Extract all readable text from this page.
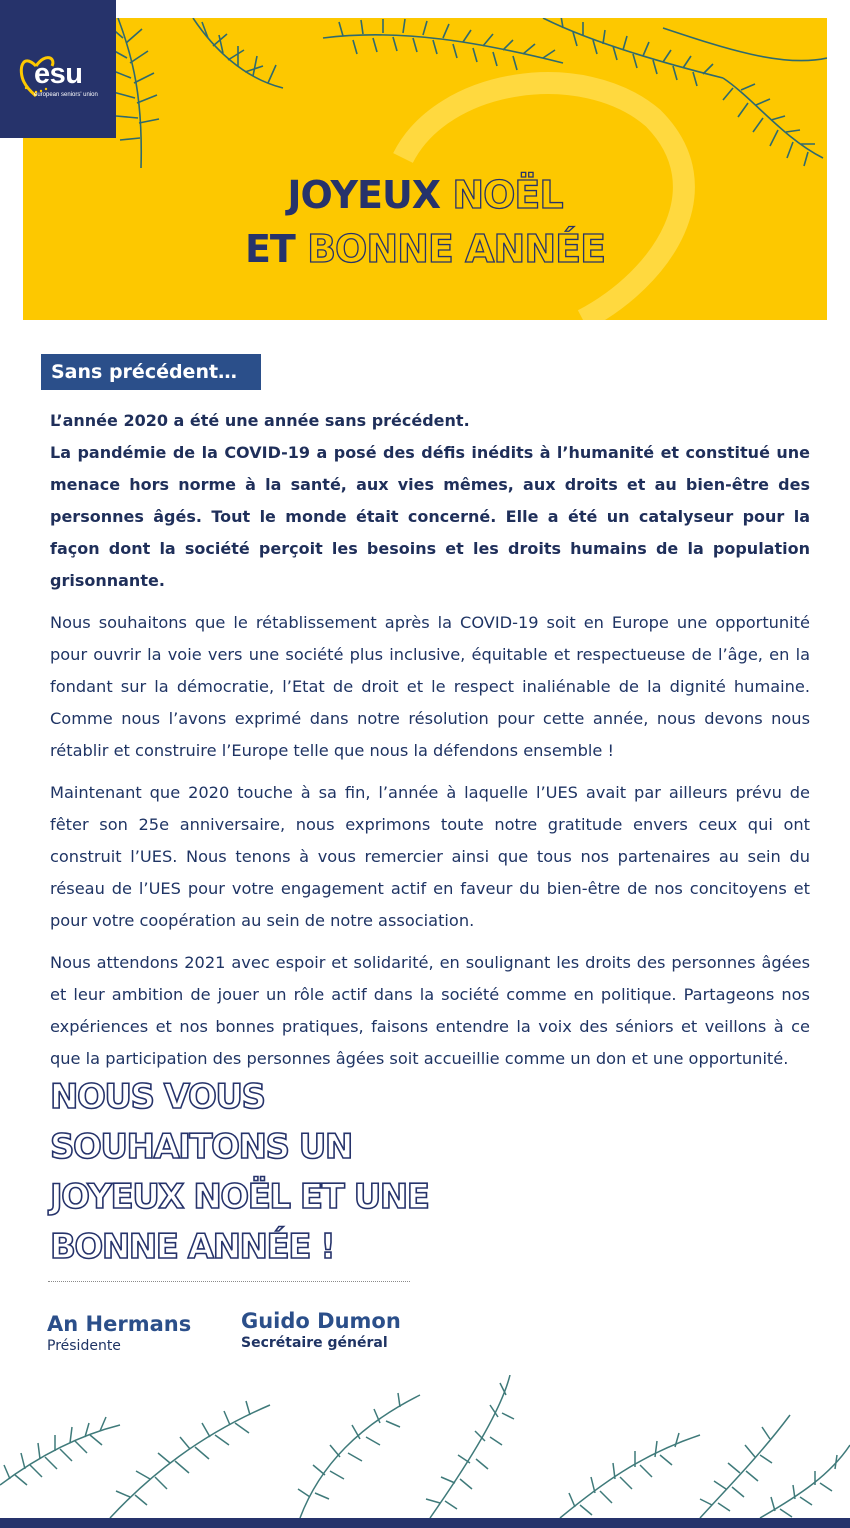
JOYEUX NOËL
ET BONNE ANNÉE
esu
european seniors' union
Sans précédent…

L’année 2020 a été une année sans précédent.
La pandémie de la COVID-19 a posé des défis inédits à l’humanité et constitué une menace hors norme à la santé, aux vies mêmes, aux droits et au bien-être des personnes âgés. Tout le monde était concerné. Elle a été un catalyseur pour la façon dont la société perçoit les besoins et les droits humains de la population grisonnante.

Nous souhaitons que le rétablissement après la COVID-19 soit en Europe une opportunité pour ouvrir la voie vers une société plus inclusive, équitable et respectueuse de l’âge, en la fondant sur la démocratie, l’Etat de droit et le respect inaliénable de la dignité humaine. Comme nous l’avons exprimé dans notre résolution pour cette année, nous devons nous rétablir et construire l’Europe telle que nous la défendons ensemble !

Maintenant que 2020 touche à sa fin, l’année à laquelle l’UES avait par ailleurs prévu de fêter son 25e anniversaire, nous exprimons toute notre gratitude envers ceux qui ont construit l’UES. Nous tenons à vous remercier ainsi que tous nos partenaires au sein du réseau de l’UES pour votre engagement actif en faveur du bien-être de nos concitoyens et pour votre coopération au sein de notre association.

Nous attendons 2021 avec espoir et solidarité, en soulignant les droits des personnes âgées et leur ambition de jouer un rôle actif dans la société comme en politique. Partageons nos expériences et nos bonnes pratiques, faisons entendre la voix des séniors et veillons à ce que la participation des personnes âgées soit accueillie comme un don et une opportunité.

NOUS VOUS
SOUHAITONS UN
JOYEUX NOËL ET UNE
BONNE ANNÉE !
An Hermans
Présidente
Guido Dumon
Secrétaire général
